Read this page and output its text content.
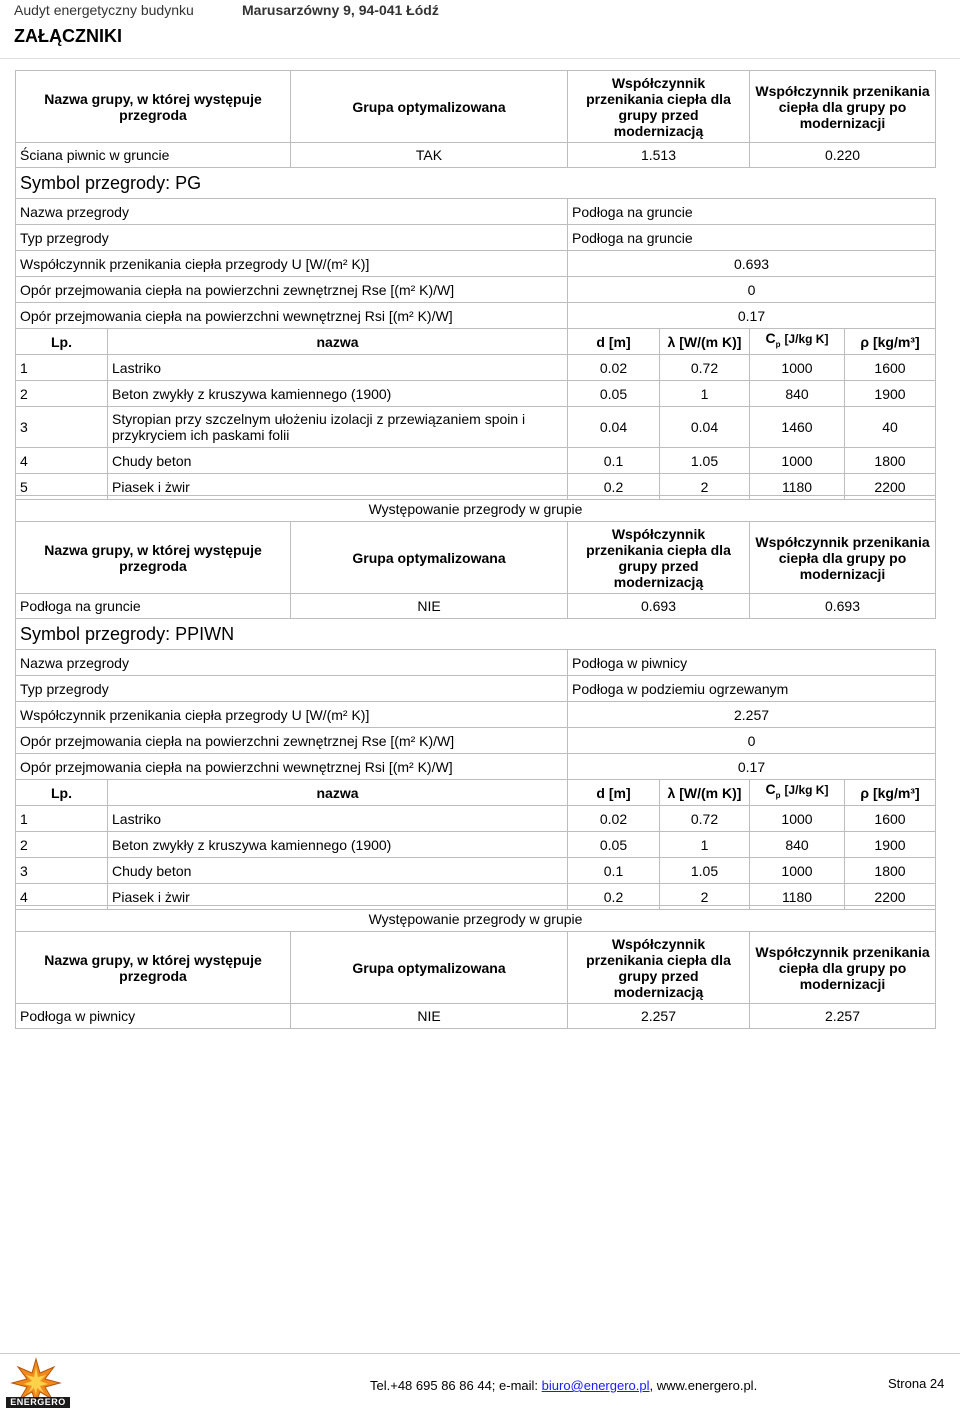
Audyt energetyczny budynku	Marusarzówny 9, 94-041 Łódź
ZAŁĄCZNIKI
Nazwa grupy, w której występuje przegroda	Grupa optymalizowana	Współczynnik przenikania ciepła dla grupy przed modernizacją	Współczynnik przenikania ciepła dla grupy po modernizacji
Ściana piwnic w gruncie	TAK	1.513	0.220
Symbol przegrody: PG					
Nazwa przegrody		Podłoga na gruncie			
Typ przegrody		Podłoga na gruncie			
Współczynnik przenikania ciepła przegrody U [W/(m² K)]		0.693			
Opór przejmowania ciepła na powierzchni zewnętrznej Rse [(m² K)/W]		0			
Opór przejmowania ciepła na powierzchni wewnętrznej Rsi [(m² K)/W]		0.17			
Lp.	nazwa	d [m]	λ [W/(m K)]	$C_p$ [J/kg K]	ρ [kg/m³]
1	Lastriko	0.02	0.72	1000	1600
2	Beton zwykły z kruszywa kamiennego (1900)	0.05	1	840	1900
3	Styropian przy szczelnym ułożeniu izolacji z przewiązaniem spoin i przykryciem ich paskami folii	0.04	0.04	1460	40
4	Chudy beton	0.1	1.05	1000	1800
5	Piasek i żwir	0.2	2	1180	2200
Występowanie przegrody w grupie			
Nazwa grupy, w której występuje przegroda	Grupa optymalizowana	Współczynnik przenikania ciepła dla grupy przed modernizacją	Współczynnik przenikania ciepła dla grupy po modernizacji
Podłoga na gruncie	NIE	0.693	0.693
Symbol przegrody: PPIWN					
Nazwa przegrody		Podłoga w piwnicy			
Typ przegrody		Podłoga w podziemiu ogrzewanym			
Współczynnik przenikania ciepła przegrody U [W/(m² K)]		2.257			
Opór przejmowania ciepła na powierzchni zewnętrznej Rse [(m² K)/W]		0			
Opór przejmowania ciepła na powierzchni wewnętrznej Rsi [(m² K)/W]		0.17			
Lp.	nazwa	d [m]	λ [W/(m K)]	$C_p$ [J/kg K]	ρ [kg/m³]
1	Lastriko	0.02	0.72	1000	1600
2	Beton zwykły z kruszywa kamiennego (1900)	0.05	1	840	1900
3	Chudy beton	0.1	1.05	1000	1800
4	Piasek i żwir	0.2	2	1180	2200
Występowanie przegrody w grupie			
Nazwa grupy, w której występuje przegroda	Grupa optymalizowana	Współczynnik przenikania ciepła dla grupy przed modernizacją	Współczynnik przenikania ciepła dla grupy po modernizacji
Podłoga w piwnicy	NIE	2.257	2.257
ENERGERO
Tel.+48 695 86 86 44; e-mail: biuro@energero.pl, www.energero.pl.	Strona 24
